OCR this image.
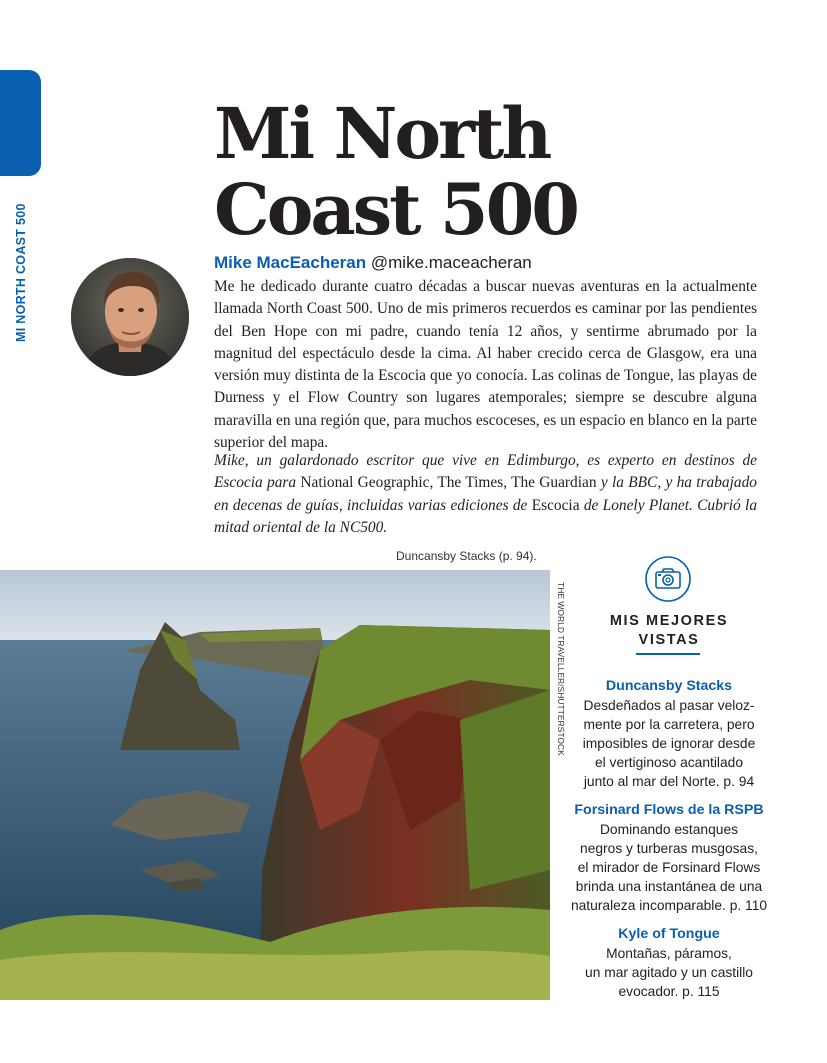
MI NORTH COAST 500
Mi North
Coast 500
Mike MacEacheran @mike.maceacheran

Me he dedicado durante cuatro décadas a buscar nuevas aventuras en la actualmente llamada North Coast 500. Uno de mis primeros recuerdos es caminar por las pendientes del Ben Hope con mi padre, cuando tenía 12 años, y sentirme abrumado por la magnitud del espectáculo desde la cima. Al haber crecido cerca de Glasgow, era una versión muy distinta de la Escocia que yo conocía. Las colinas de Tongue, las playas de Durness y el Flow Country son lugares atemporales; siempre se descubre alguna maravilla en una región que, para muchos escoceses, es un espacio en blanco en la parte superior del mapa.

Mike, un galardonado escritor que vive en Edimburgo, es experto en destinos de Escocia para National Geographic, The Times, The Guardian y la BBC, y ha trabajado en decenas de guías, incluidas varias ediciones de Escocia de Lonely Planet. Cubrió la mitad oriental de la NC500.

Duncansby Stacks (p. 94).
THE WORLD TRAVELLER/SHUTTERSTOCK	MIS MEJORES
VISTAS
Duncansby Stacks
Desdeñados al pasar veloz-
mente por la carretera, pero
imposibles de ignorar desde
el vertiginoso acantilado
junto al mar del Norte. p. 94
Forsinard Flows de la RSPB
Dominando estanques
negros y turberas musgosas,
el mirador de Forsinard Flows
brinda una instantánea de una
naturaleza incomparable. p. 110
Kyle of Tongue
Montañas, páramos,
un mar agitado y un castillo
evocador. p. 115
